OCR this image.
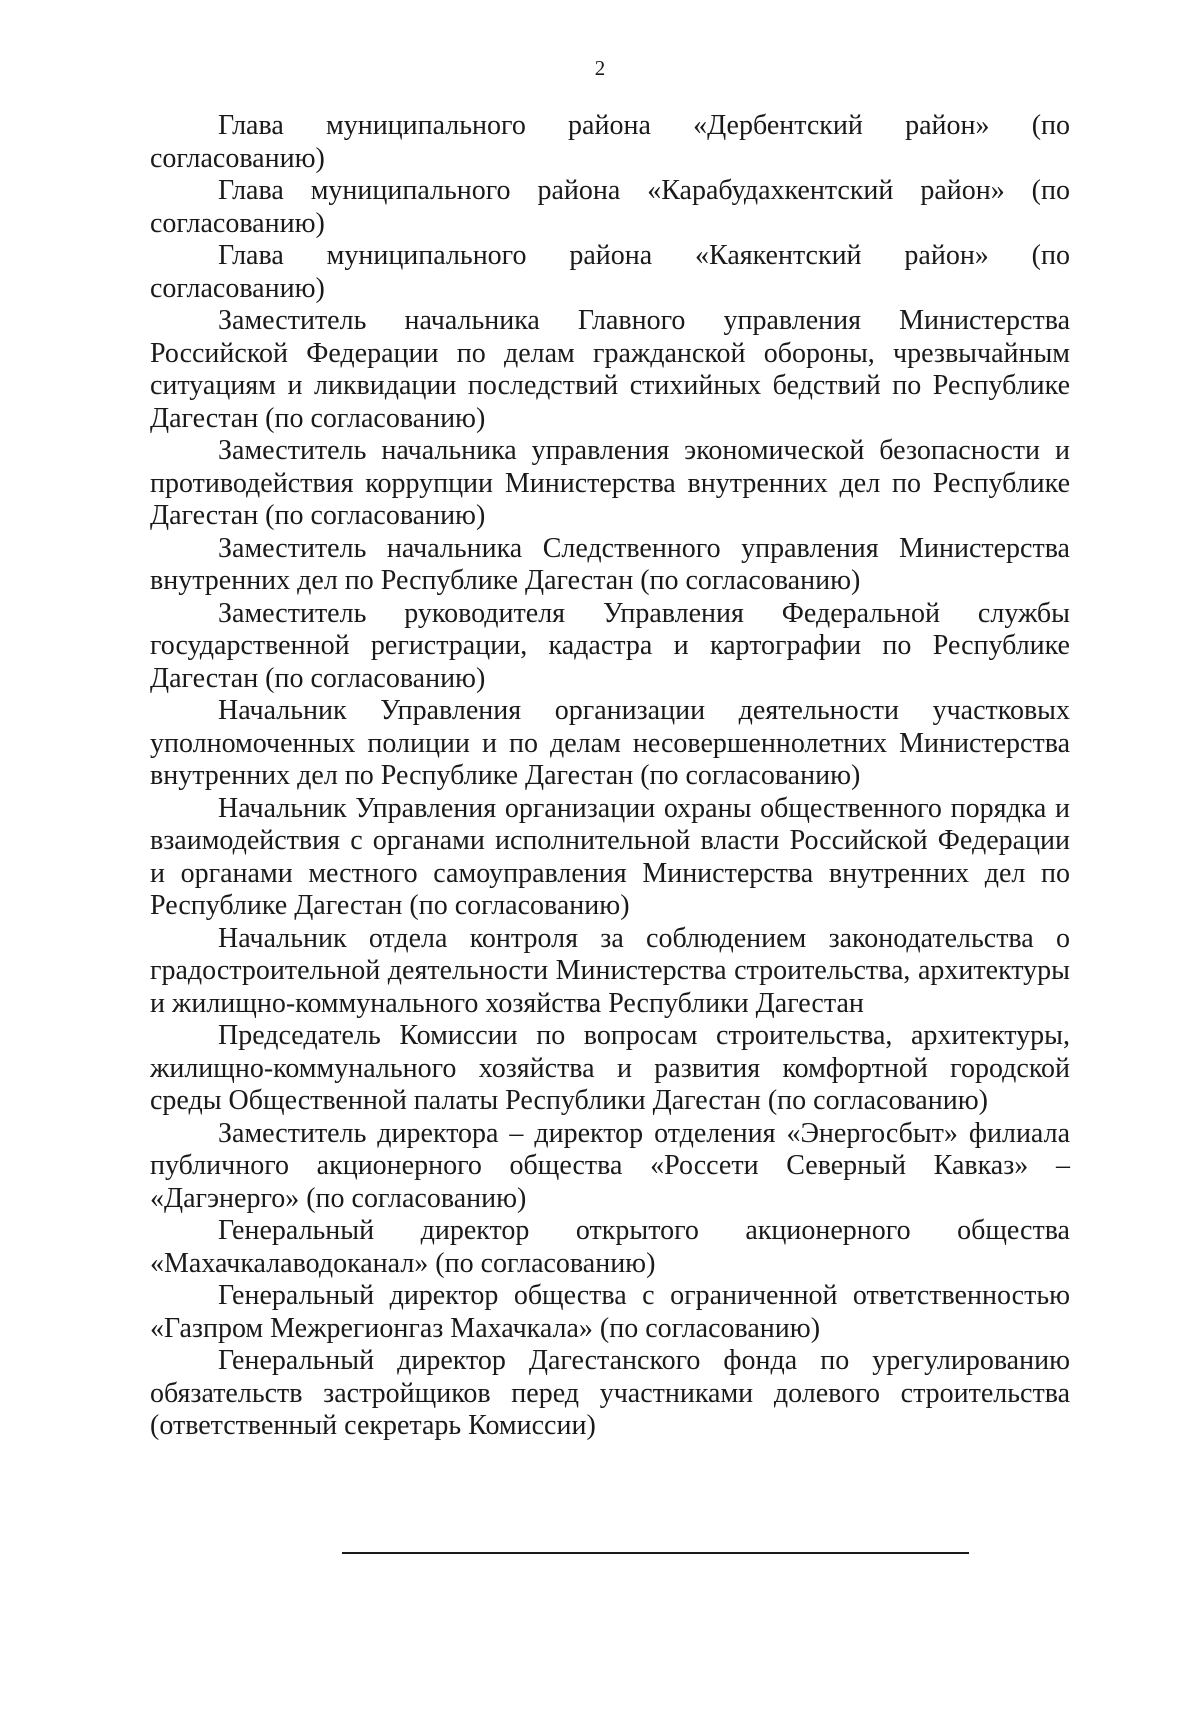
2

Глава муниципального района «Дербентский район» (по согласованию)

Глава муниципального района «Карабудахкентский район» (по согласованию)

Глава муниципального района «Каякентский район» (по согласованию)

Заместитель начальника Главного управления Министерства Российской Федерации по делам гражданской обороны, чрезвычайным ситуациям и ликвидации последствий стихийных бедствий по Республике Дагестан (по согласованию)

Заместитель начальника управления экономической безопасности и противодействия коррупции Министерства внутренних дел по Республике Дагестан (по согласованию)

Заместитель начальника Следственного управления Министерства внутренних дел по Республике Дагестан (по согласованию)

Заместитель руководителя Управления Федеральной службы государственной регистрации, кадастра и картографии по Республике Дагестан (по согласованию)

Начальник Управления организации деятельности участковых уполномоченных полиции и по делам несовершеннолетних Министерства внутренних дел по Республике Дагестан (по согласованию)

Начальник Управления организации охраны общественного порядка и взаимодействия с органами исполнительной власти Российской Федерации и органами местного самоуправления Министерства внутренних дел по Республике Дагестан (по согласованию)

Начальник отдела контроля за соблюдением законодательства о градостроительной деятельности Министерства строительства, архитектуры и жилищно-коммунального хозяйства Республики Дагестан

Председатель Комиссии по вопросам строительства, архитектуры, жилищно-коммунального хозяйства и развития комфортной городской среды Общественной палаты Республики Дагестан (по согласованию)

Заместитель директора – директор отделения «Энергосбыт» филиала публичного акционерного общества «Россети Северный Кавказ» – «Дагэнерго» (по согласованию)

Генеральный директор открытого акционерного общества «Махачкалаводоканал» (по согласованию)

Генеральный директор общества с ограниченной ответственностью «Газпром Межрегионгаз Махачкала» (по согласованию)

Генеральный директор Дагестанского фонда по урегулированию обязательств застройщиков перед участниками долевого строительства (ответственный секретарь Комиссии)
